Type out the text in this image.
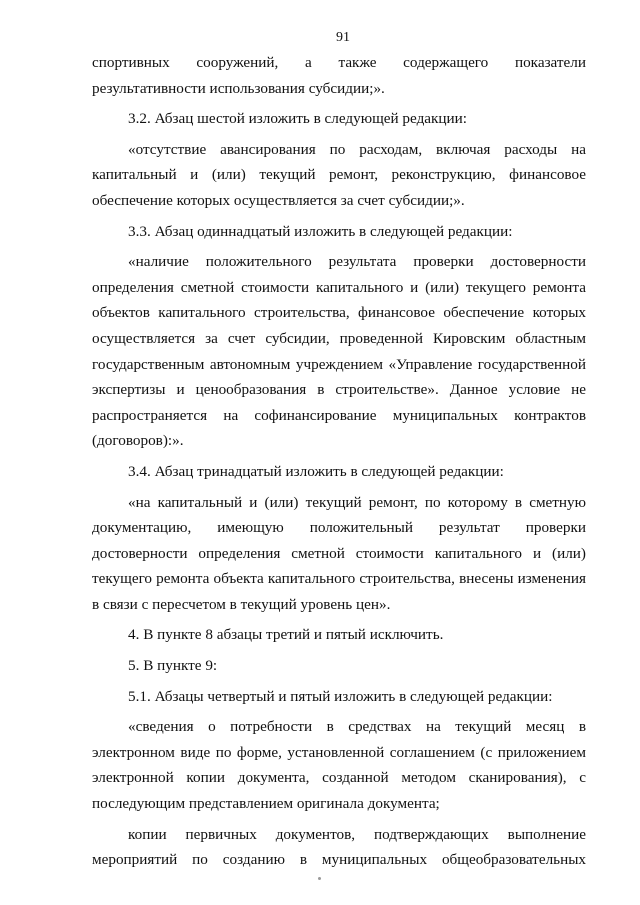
91

спортивных сооружений, а также содержащего показатели результативности использования субсидии;».

3.2. Абзац шестой изложить в следующей редакции:

«отсутствие авансирования по расходам, включая расходы на капитальный и (или) текущий ремонт, реконструкцию, финансовое обеспечение которых осуществляется за счет субсидии;».

3.3. Абзац одиннадцатый изложить в следующей редакции:

«наличие положительного результата проверки достоверности определения сметной стоимости капитального и (или) текущего ремонта объектов капитального строительства, финансовое обеспечение которых осуществляется за счет субсидии, проведенной Кировским областным государственным автономным учреждением «Управление государственной экспертизы и ценообразования в строительстве». Данное условие не распространяется на софинансирование муниципальных контрактов (договоров):».

3.4. Абзац тринадцатый изложить в следующей редакции:

«на капитальный и (или) текущий ремонт, по которому в сметную документацию, имеющую положительный результат проверки достоверности определения сметной стоимости капитального и (или) текущего ремонта объекта капитального строительства, внесены изменения в связи с пересчетом в текущий уровень цен».

4. В пункте 8 абзацы третий и пятый исключить.

5. В пункте 9:

5.1. Абзацы четвертый и пятый изложить в следующей редакции:

«сведения о потребности в средствах на текущий месяц в электронном виде по форме, установленной соглашением (с приложением электронной копии документа, созданной методом сканирования), с последующим представлением оригинала документа;

копии первичных документов, подтверждающих выполнение мероприятий по созданию в муниципальных общеобразовательных
